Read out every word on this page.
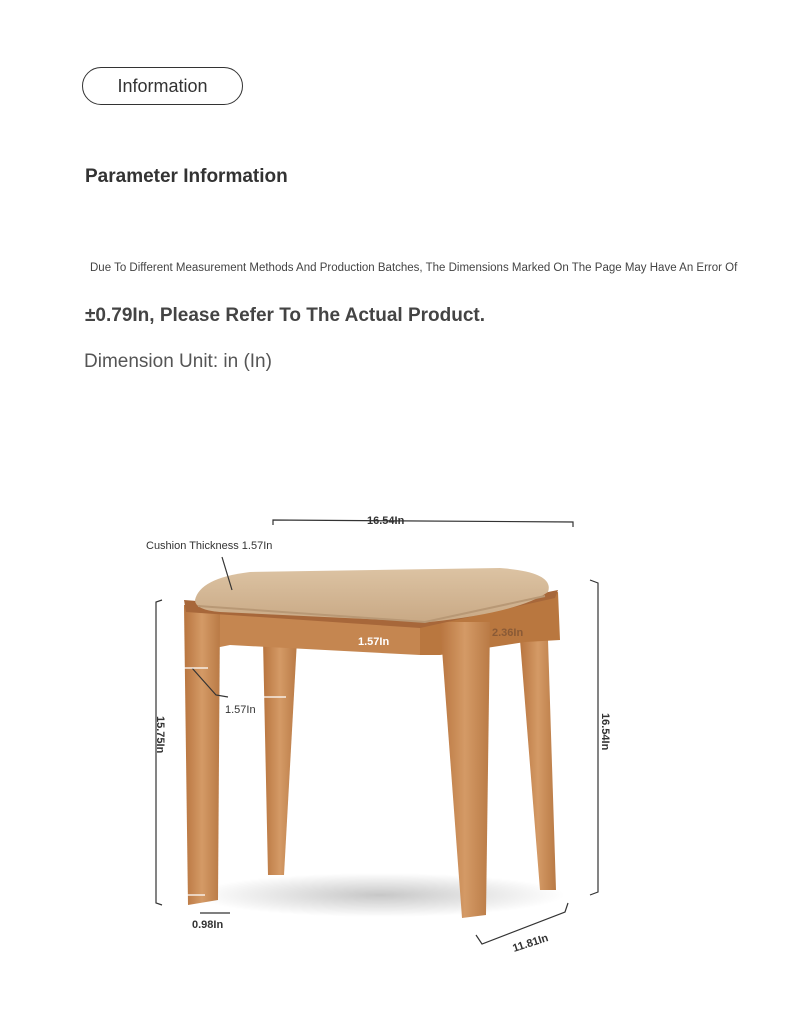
Information
Parameter Information
Due To Different Measurement Methods And Production Batches, The Dimensions Marked On The Page May Have An Error Of
±0.79In, Please Refer To The Actual Product.
Dimension Unit: in (In)
16.54In
Cushion Thickness 1.57In
1.57In
2.36In
1.57In
15.75In	16.54In
0.98In
11.81In
